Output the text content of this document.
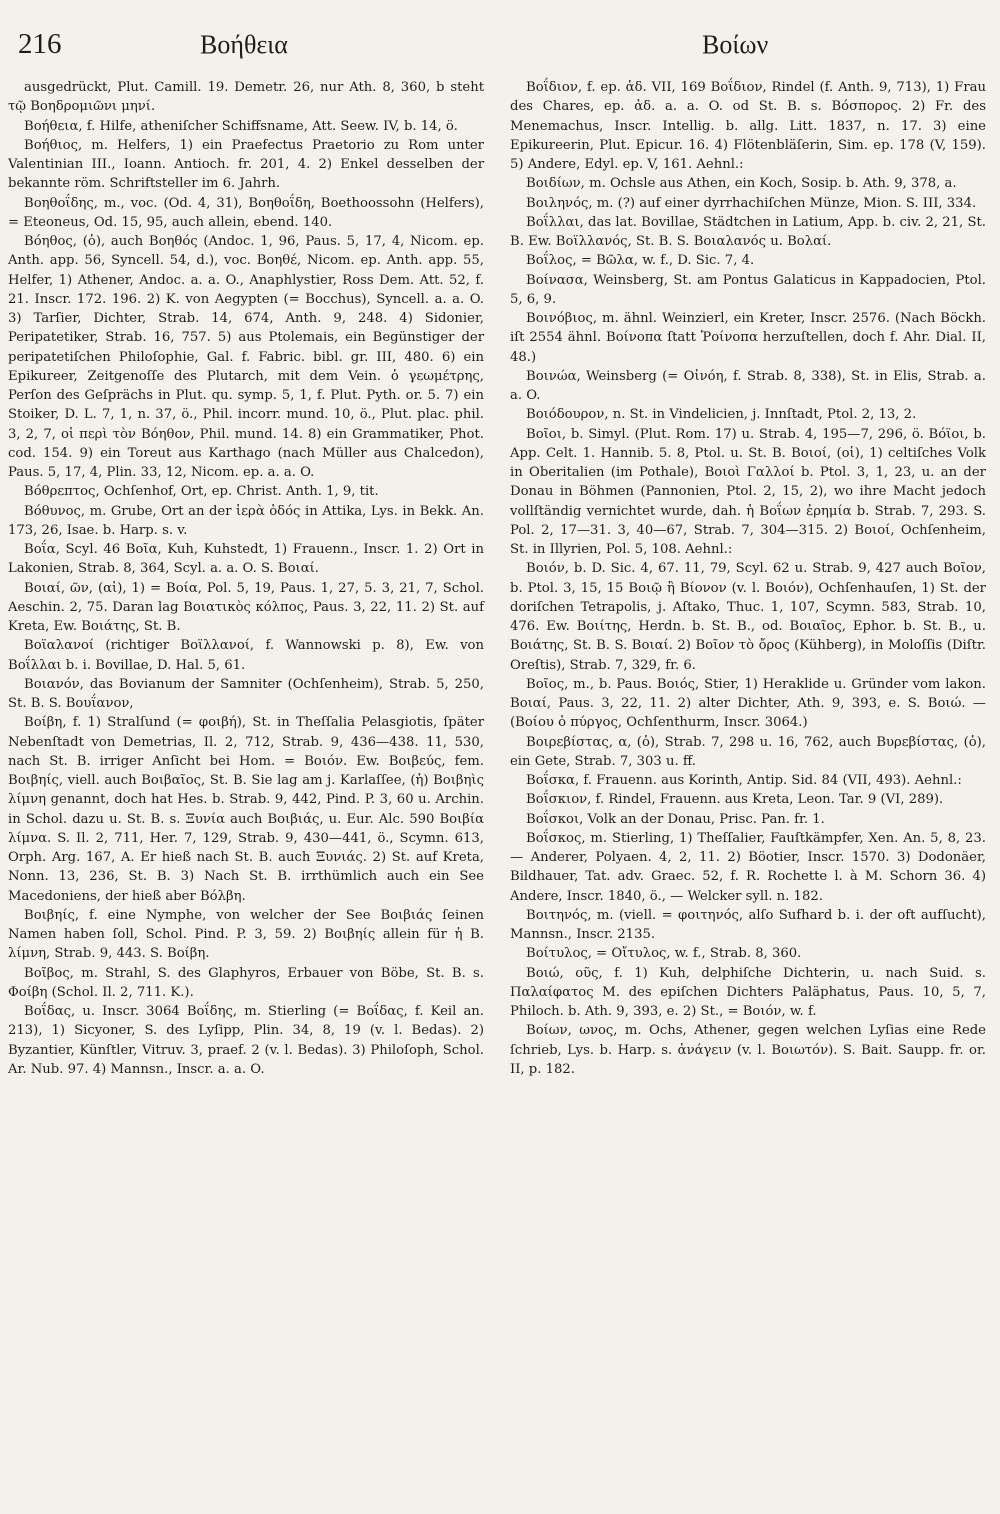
216	Βοήθεια	Βοίων

ausgedrückt, Plut. Camill. 19. Demetr. 26, nur Ath. 8, 360, b steht τῷ Βοηδρομιῶνι μηνί.

Βοήθεια, f. Hilfe, atheniſcher Schiffsname, Att. Seew. IV, b. 14, ö.

Βοήθιος, m. Helfers, 1) ein Praefectus Praetorio zu Rom unter Valentinian III., Ioann. Antioch. fr. 201, 4. 2) Enkel desselben der bekannte röm. Schriftsteller im 6. Jahrh.

Βοηθοΐδης, m., voc. (Od. 4, 31), Βοηθοΐδη, Boethoossohn (Helfers), = Eteoneus, Od. 15, 95, auch allein, ebend. 140.

Βόηθος, (ὁ), auch Βοηθός (Andoc. 1, 96, Paus. 5, 17, 4, Nicom. ep. Anth. app. 56, Syncell. 54, d.), voc. Βοηθέ, Nicom. ep. Anth. app. 55, Helfer, 1) Athener, Andoc. a. a. O., Anaphlystier, Ross Dem. Att. 52, f. 21. Inscr. 172. 196. 2) K. von Aegypten (= Bocchus), Syncell. a. a. O. 3) Tarſier, Dichter, Strab. 14, 674, Anth. 9, 248. 4) Sidonier, Peripatetiker, Strab. 16, 757. 5) aus Ptolemais, ein Begünstiger der peripatetiſchen Philoſophie, Gal. f. Fabric. bibl. gr. III, 480. 6) ein Epikureer, Zeitgenoſſe des Plutarch, mit dem Vein. ὁ γεωμέτρης, Perſon des Geſprächs in Plut. qu. symp. 5, 1, f. Plut. Pyth. or. 5. 7) ein Stoiker, D. L. 7, 1, n. 37, ö., Phil. incorr. mund. 10, ö., Plut. plac. phil. 3, 2, 7, οἱ περὶ τὸν Βόηθον, Phil. mund. 14. 8) ein Grammatiker, Phot. cod. 154. 9) ein Toreut aus Karthago (nach Müller aus Chalcedon), Paus. 5, 17, 4, Plin. 33, 12, Nicom. ep. a. a. O.

Βόθρεπτος, Ochſenhof, Ort, ep. Christ. Anth. 1, 9, tit.

Βόθυνος, m. Grube, Ort an der ἱερὰ ὁδός in Attika, Lys. in Bekk. An. 173, 26, Isae. b. Harp. s. v.

Βοΐα, Scyl. 46 Βοῖα, Kuh, Kuhstedt, 1) Frauenn., Inscr. 1. 2) Ort in Lakonien, Strab. 8, 364, Scyl. a. a. O. S. Βοιαί.

Βοιαί, ῶν, (αἱ), 1) = Βοία, Pol. 5, 19, Paus. 1, 27, 5. 3, 21, 7, Schol. Aeschin. 2, 75. Daran lag Βοιατικὸς κόλπος, Paus. 3, 22, 11. 2) St. auf Kreta, Ew. Βοιάτης, St. B.

Βοϊαλανοί (richtiger Βοϊλλανοί, f. Wannowski p. 8), Ew. von Βοΐλλαι b. i. Bovillae, D. Hal. 5, 61.

Βοιανόν, das Bovianum der Samniter (Ochſenheim), Strab. 5, 250, St. B. S. Βουΐανον,

Βοίβη, f. 1) Stralſund (= φοιβή), St. in Theſſalia Pelasgiotis, ſpäter Nebenſtadt von Demetrias, Il. 2, 712, Strab. 9, 436—438. 11, 530, nach St. B. irriger Anſicht bei Hom. = Βοιόν. Ew. Βοιβεύς, fem. Βοιβηίς, viell. auch Βοιβαῖος, St. B. Sie lag am j. Karlaſſee, (ἡ) Βοιβηὶς λίμνη genannt, doch hat Hes. b. Strab. 9, 442, Pind. P. 3, 60 u. Archin. in Schol. dazu u. St. B. s. Ξυνία auch Βοιβιάς, u. Eur. Alc. 590 Βοιβία λίμνα. S. Il. 2, 711, Her. 7, 129, Strab. 9, 430—441, ö., Scymn. 613, Orph. Arg. 167, A. Er hieß nach St. B. auch Ξυνιάς. 2) St. auf Kreta, Nonn. 13, 236, St. B. 3) Nach St. B. irrthümlich auch ein See Macedoniens, der hieß aber Βόλβη.

Βοιβηίς, f. eine Nymphe, von welcher der See Βοιβιάς ſeinen Namen haben ſoll, Schol. Pind. P. 3, 59. 2) Βοιβηίς allein für ἡ Β. λίμνη, Strab. 9, 443. S. Βοίβη.

Βοῖβος, m. Strahl, S. des Glaphyros, Erbauer von Böbe, St. B. s. Φοίβη (Schol. Il. 2, 711. K.).

Βοΐδας, u. Inscr. 3064 Βοΐδης, m. Stierling (= Βοΐδας, f. Keil an. 213), 1) Sicyoner, S. des Lyſipp, Plin. 34, 8, 19 (v. l. Bedas). 2) Byzantier, Künſtler, Vitruv. 3, praef. 2 (v. l. Bedas). 3) Philoſoph, Schol. Ar. Nub. 97. 4) Mannsn., Inscr. a. a. O.

Βοΐδιον, f. ep. ἀδ. VII, 169 Βοΐδιον, Rindel (f. Anth. 9, 713), 1) Frau des Chares, ep. ἀδ. a. a. O. od St. B. s. Βόσπορος. 2) Fr. des Menemachus, Inscr. Intellig. b. allg. Litt. 1837, n. 17. 3) eine Epikureerin, Plut. Epicur. 16. 4) Flötenbläſerin, Sim. ep. 178 (V, 159). 5) Andere, Edyl. ep. V, 161. Aehnl.:

Βοιδίων, m. Ochsle aus Athen, ein Koch, Sosip. b. Ath. 9, 378, a.

Βοιληνός, m. (?) auf einer dyrrhachiſchen Münze, Mion. S. III, 334.

Βοΐλλαι, das lat. Bovillae, Städtchen in Latium, App. b. civ. 2, 21, St. B. Ew. Βοϊλλανός, St. B. S. Βοιαλανός u. Βολαί.

Βοΐλος, = Βῶλα, w. f., D. Sic. 7, 4.

Βοίνασα, Weinsberg, St. am Pontus Galaticus in Kappadocien, Ptol. 5, 6, 9.

Βοινόβιος, m. ähnl. Weinzierl, ein Kreter, Inscr. 2576. (Nach Böckh. iſt 2554 ähnl. Βοίνοπα ſtatt Ῥοίνοπα herzuſtellen, doch f. Ahr. Dial. II, 48.)

Βοινώα, Weinsberg (= Οἰνόη, f. Strab. 8, 338), St. in Elis, Strab. a. a. O.

Βοιόδουρον, n. St. in Vindelicien, j. Innſtadt, Ptol. 2, 13, 2.

Βοῖοι, b. Simyl. (Plut. Rom. 17) u. Strab. 4, 195—7, 296, ö. Βόϊοι, b. App. Celt. 1. Hannib. 5. 8, Ptol. u. St. B. Βοιοί, (οἱ), 1) celtiſches Volk in Oberitalien (im Pothale), Βοιοὶ Γαλλοί b. Ptol. 3, 1, 23, u. an der Donau in Böhmen (Pannonien, Ptol. 2, 15, 2), wo ihre Macht jedoch vollſtändig vernichtet wurde, dah. ἡ Βοΐων ἐρημία b. Strab. 7, 293. S. Pol. 2, 17—31. 3, 40—67, Strab. 7, 304—315. 2) Βοιοί, Ochſenheim, St. in Illyrien, Pol. 5, 108. Aehnl.:

Βοιόν, b. D. Sic. 4, 67. 11, 79, Scyl. 62 u. Strab. 9, 427 auch Βοῖον, b. Ptol. 3, 15, 15 Βοιῷ ἢ Βίονον (v. l. Βοιόν), Ochſenhauſen, 1) St. der doriſchen Tetrapolis, j. Aſtako, Thuc. 1, 107, Scymn. 583, Strab. 10, 476. Ew. Βοιίτης, Herdn. b. St. B., od. Βοιαῖος, Ephor. b. St. B., u. Βοιάτης, St. B. S. Βοιαί. 2) Βοῖον τὸ ὄρος (Kühberg), in Moloſſis (Diſtr. Oreſtis), Strab. 7, 329, fr. 6.

Βοῖος, m., b. Paus. Βοιός, Stier, 1) Heraklide u. Gründer vom lakon. Βοιαί, Paus. 3, 22, 11. 2) alter Dichter, Ath. 9, 393, e. S. Βοιώ. — (Βοίου ὁ πύργος, Ochſenthurm, Inscr. 3064.)

Βοιρεβίστας, α, (ὁ), Strab. 7, 298 u. 16, 762, auch Βυρεβίστας, (ὁ), ein Gete, Strab. 7, 303 u. ff.

Βοΐσκα, f. Frauenn. aus Korinth, Antip. Sid. 84 (VII, 493). Aehnl.:

Βοΐσκιον, f. Rindel, Frauenn. aus Kreta, Leon. Tar. 9 (VI, 289).

Βοΐσκοι, Volk an der Donau, Prisc. Pan. fr. 1.

Βοΐσκος, m. Stierling, 1) Theſſalier, Fauſtkämpfer, Xen. An. 5, 8, 23. — Anderer, Polyaen. 4, 2, 11. 2) Böotier, Inscr. 1570. 3) Dodonäer, Bildhauer, Tat. adv. Graec. 52, f. R. Rochette l. à M. Schorn 36. 4) Andere, Inscr. 1840, ö., — Welcker syll. n. 182.

Βοιτηνός, m. (viell. = φοιτηνός, alſo Sufhard b. i. der oft aufſucht), Mannsn., Inscr. 2135.

Βοίτυλος, = Οἴτυλος, w. f., Strab. 8, 360.

Βοιώ, οῦς, f. 1) Kuh, delphiſche Dichterin, u. nach Suid. s. Παλαίφατος M. des epiſchen Dichters Paläphatus, Paus. 10, 5, 7, Philoch. b. Ath. 9, 393, e. 2) St., = Βοιόν, w. f.

Βοίων, ωνος, m. Ochs, Athener, gegen welchen Lyſias eine Rede ſchrieb, Lys. b. Harp. s. ἀνάγειν (v. l. Βοιωτόν). S. Bait. Saupp. fr. or. II, p. 182.
